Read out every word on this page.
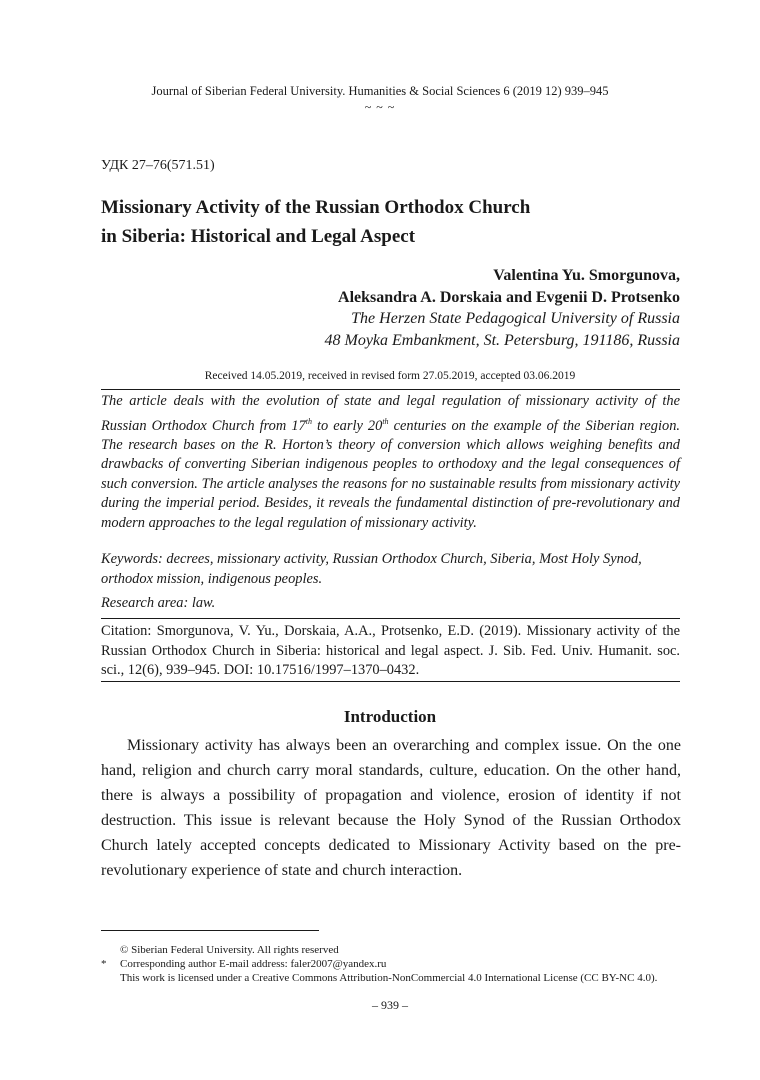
Journal of Siberian Federal University. Humanities & Social Sciences 6 (2019 12) 939–945
~ ~ ~
УДК 27–76(571.51)
Missionary Activity of the Russian Orthodox Church
in Siberia: Historical and Legal Aspect
Valentina Yu. Smorgunova,
Aleksandra A. Dorskaia and Evgenii D. Protsenko
The Herzen State Pedagogical University of Russia
48 Moyka Embankment, St. Petersburg, 191186, Russia
Received 14.05.2019, received in revised form 27.05.2019, accepted 03.06.2019
The article deals with the evolution of state and legal regulation of missionary activity of the Russian Orthodox Church from 17th to early 20th centuries on the example of the Siberian region. The research bases on the R. Horton’s theory of conversion which allows weighing benefits and drawbacks of converting Siberian indigenous peoples to orthodoxy and the legal consequences of such conversion. The article analyses the reasons for no sustainable results from missionary activity during the imperial period. Besides, it reveals the fundamental distinction of pre-revolutionary and modern approaches to the legal regulation of missionary activity.
Keywords: decrees, missionary activity, Russian Orthodox Church, Siberia, Most Holy Synod, orthodox mission, indigenous peoples.
Research area: law.
Citation: Smorgunova, V. Yu., Dorskaia, A.A., Protsenko, E.D. (2019). Missionary activity of the Russian Orthodox Church in Siberia: historical and legal aspect. J. Sib. Fed. Univ. Humanit. soc. sci., 12(6), 939–945. DOI: 10.17516/1997–1370–0432.
Introduction
Missionary activity has always been an overarching and complex issue. On the one hand, religion and church carry moral standards, culture, education. On the other hand, there is always a possibility of propagation and violence, erosion of identity if not destruction. This issue is relevant because the Holy Synod of the Russian Orthodox Church lately accepted concepts dedicated to Missionary Activity based on the pre-revolutionary experience of state and church interaction.
© Siberian Federal University. All rights reserved
* Corresponding author E-mail address: faler2007@yandex.ru
This work is licensed under a Creative Commons Attribution-NonCommercial 4.0 International License (CC BY-NC 4.0).
– 939 –
